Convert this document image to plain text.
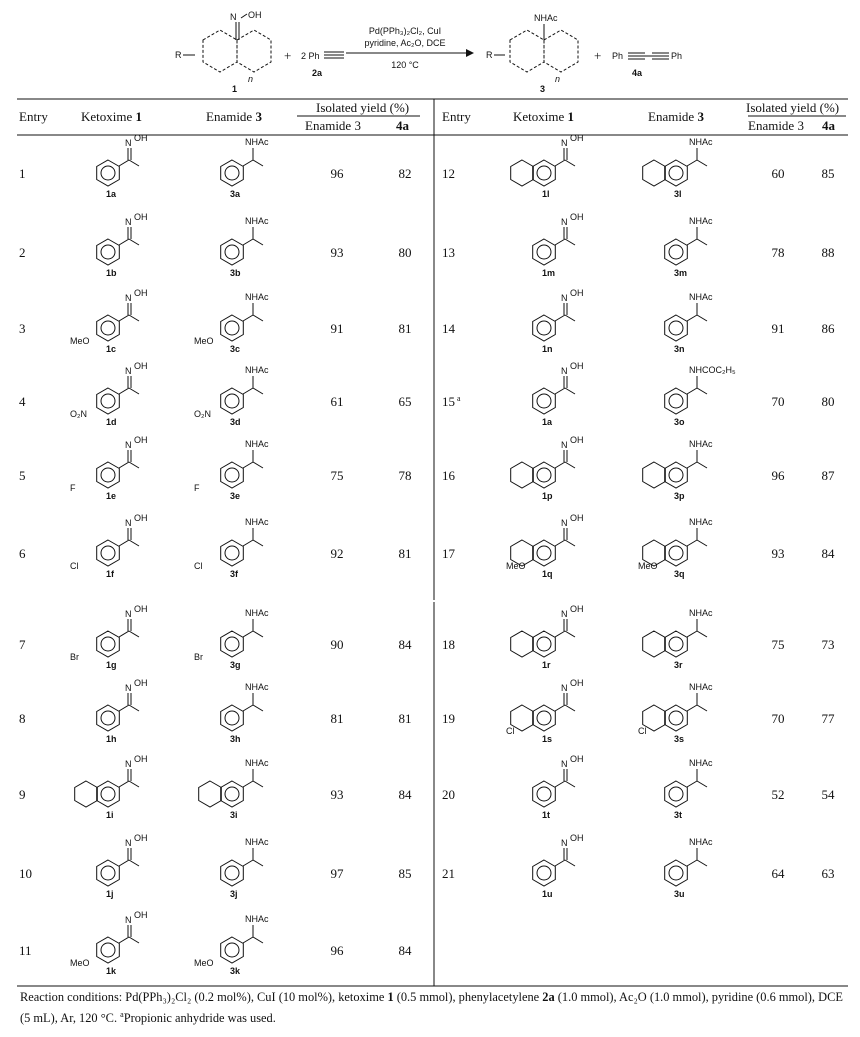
R
N OH
n
1
+ 2 Ph
2a
Pd(PPh₃)₂Cl₂, CuI
pyridine, Ac₂O, DCE
120 °C
R
NHAc
n
3
+ Ph	Ph
4a
Entry	Ketoxime 1	Enamide 3
Isolated yield (%)
Enamide 3	4a
Entry	Ketoxime 1	Enamide 3
Isolated yield (%)
Enamide 3 4a
1
N OH
1a
NHAc
3a
96	82
2
N OH
1b
NHAc
3b
93	80
3
N OH
1c
NHAc
3c
MeO	MeO
91	81
4
N OH
1d
NHAc
3d
O₂N	O₂N
61	65
5
N OH
1e
NHAc
3e
F	F
75	78
6
N OH
1f
NHAc
3f
Cl	Cl
92	81
7
N OH
1g
NHAc
3g
Br	Br
90	84
8
N OH
1h
NHAc
3h
81	81
9
N OH
1i
NHAc
3i
93	84
10
N OH
1j
NHAc
3j
97	85
11
N OH
1k
NHAc
3k
MeO	MeO
96	84
12
N OH
1l
NHAc
3l
60	85
13
N OH
1m
NHAc
3m
78	88
14
N OH
1n
NHAc
3n
91	86
15 $^a$
N OH
1a
NHCOC₂H₅
3o
70	80
16
N OH
1p
NHAc
3p
96	87
17
N OH
1q
NHAc
3q
MeO	MeO
93	84
18
N OH
1r
NHAc
3r
75	73
19
N OH
1s
NHAc
3s
Cl	Cl
70	77
20
N OH
1t
NHAc
3t
52	54
21
N OH
1u
NHAc
3u
64	63
Reaction conditions: Pd(PPh₃)₂Cl₂ (0.2 mol%), CuI (10 mol%), ketoxime 1 (0.5 mmol), phenylacetylene 2a (1.0 mmol), Ac₂O (1.0 mmol), pyridine (0.6 mmol), DCE (5 mL), Ar, 120 °C. $^a$Propionic anhydride was used.
